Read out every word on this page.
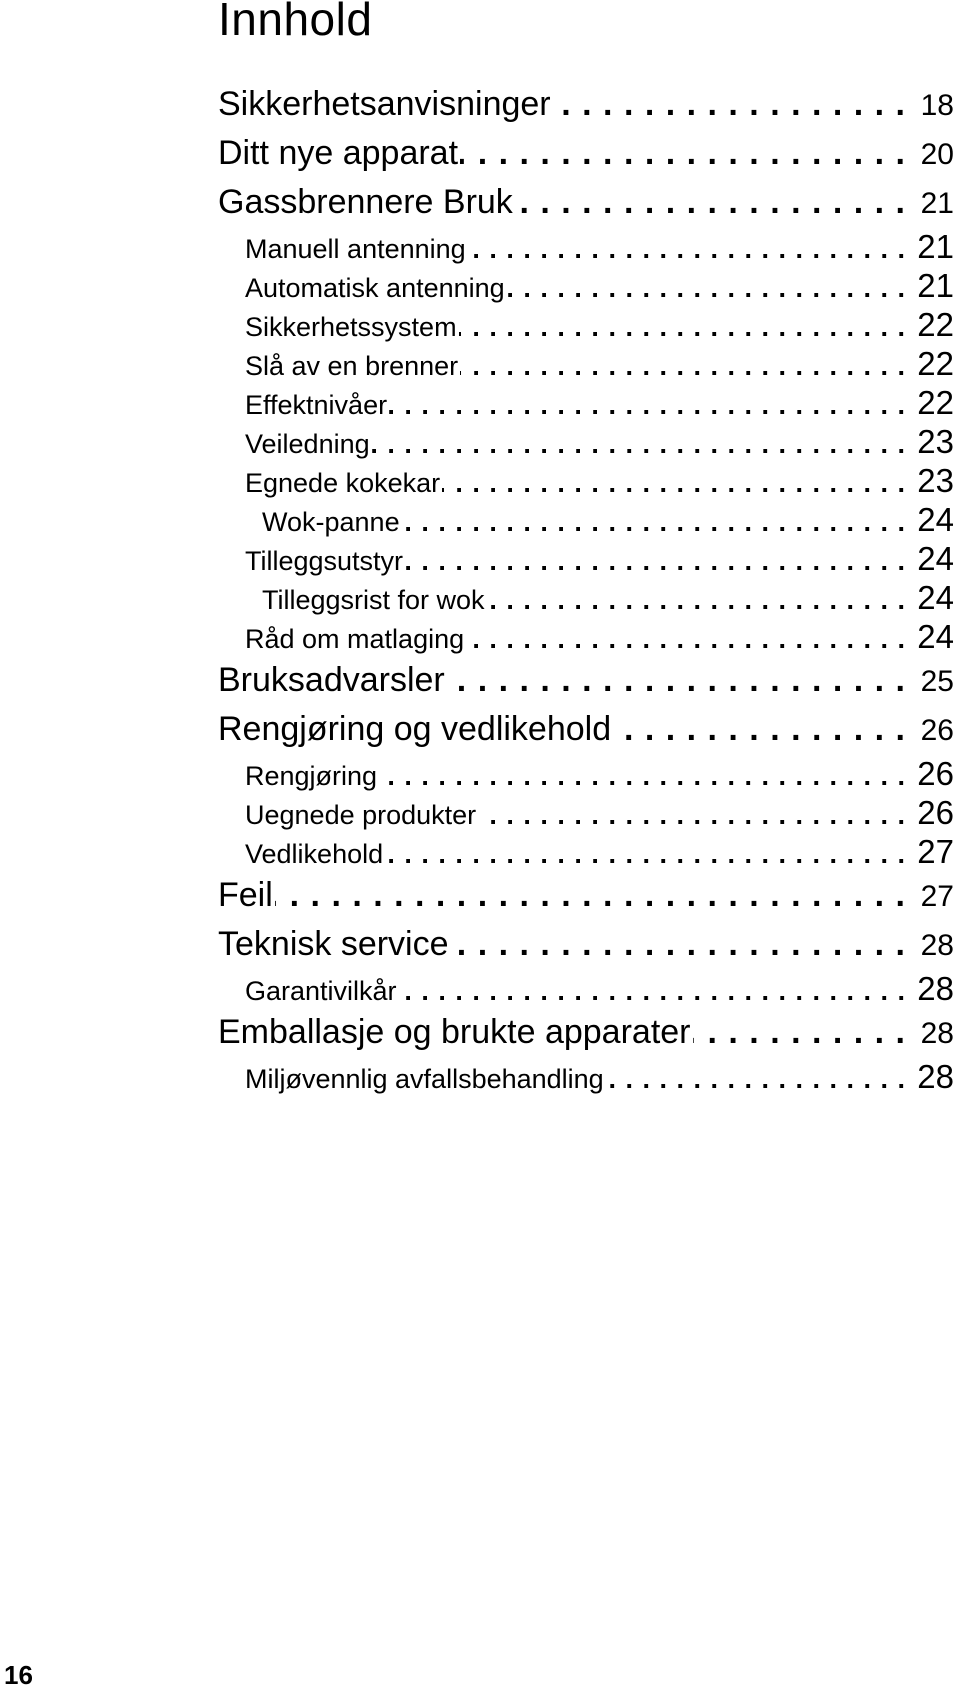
Innhold
Sikkerhetsanvisninger . . .	18
Ditt nye apparat . . .	20
Gassbrennere Bruk . . .	21
Manuell antenning . . .	21
Automatisk antenning . . .	21
Sikkerhetssystem . . .	22
Slå av en brenner . . .	22
Effektnivåer . . .	22
Veiledning . . .	23
Egnede kokekar . . .	23
Wok-panne . . .	24
Tilleggsutstyr . . .	24
Tilleggsrist for wok . . .	24
Råd om matlaging . . .	24
Bruksadvarsler . . .	25
Rengjøring og vedlikehold . . .	26
Rengjøring . . .	26
Uegnede produkter . . .	26
Vedlikehold . . .	27
Feil . . .	27
Teknisk service . . .	28
Garantivilkår . . .	28
Emballasje og brukte apparater . . .	28
Miljøvennlig avfallsbehandling . . .	28
16
